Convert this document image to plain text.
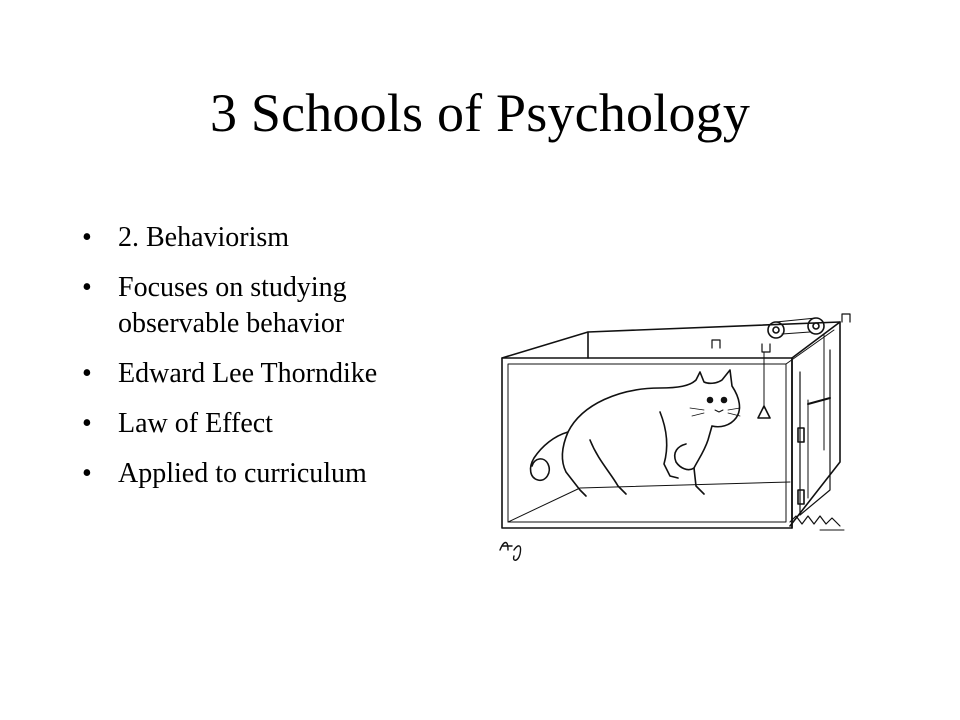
3 Schools of Psychology
• 2. Behaviorism
• Focuses on studying observable behavior
• Edward Lee Thorndike
• Law of Effect
• Applied to curriculum
